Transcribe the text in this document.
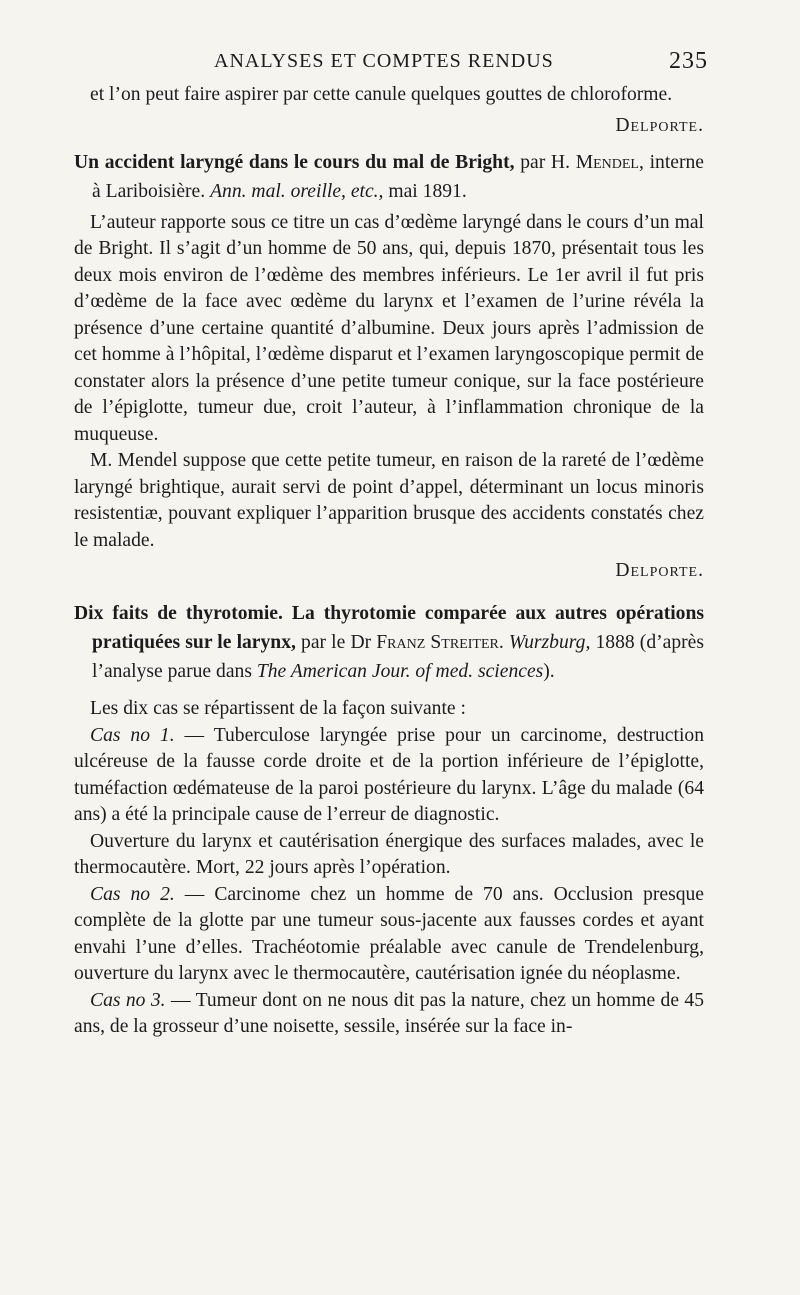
ANALYSES ET COMPTES RENDUS	235

et l’on peut faire aspirer par cette canule quelques gouttes de chloroforme.

Delporte.

Un accident laryngé dans le cours du mal de Bright, par H. Mendel, interne à Lariboisière. Ann. mal. oreille, etc., mai 1891.

L’auteur rapporte sous ce titre un cas d’œdème laryngé dans le cours d’un mal de Bright. Il s’agit d’un homme de 50 ans, qui, depuis 1870, présentait tous les deux mois environ de l’œdème des membres inférieurs. Le 1er avril il fut pris d’œdème de la face avec œdème du larynx et l’examen de l’urine révéla la présence d’une certaine quantité d’albumine. Deux jours après l’admission de cet homme à l’hôpital, l’œdème disparut et l’examen laryngoscopique permit de constater alors la présence d’une petite tumeur conique, sur la face postérieure de l’épiglotte, tumeur due, croit l’auteur, à l’inflammation chronique de la muqueuse.

M. Mendel suppose que cette petite tumeur, en raison de la rareté de l’œdème laryngé brightique, aurait servi de point d’appel, déterminant un locus minoris resistentiæ, pouvant expliquer l’apparition brusque des accidents constatés chez le malade.

Delporte.

Dix faits de thyrotomie. La thyrotomie comparée aux autres opérations pratiquées sur le larynx, par le Dr Franz Streiter. Wurzburg, 1888 (d’après l’analyse parue dans The American Jour. of med. sciences).

Les dix cas se répartissent de la façon suivante :

Cas no 1. — Tuberculose laryngée prise pour un carcinome, destruction ulcéreuse de la fausse corde droite et de la portion inférieure de l’épiglotte, tuméfaction œdémateuse de la paroi postérieure du larynx. L’âge du malade (64 ans) a été la principale cause de l’erreur de diagnostic.

Ouverture du larynx et cautérisation énergique des surfaces malades, avec le thermocautère. Mort, 22 jours après l’opération.

Cas no 2. — Carcinome chez un homme de 70 ans. Occlusion presque complète de la glotte par une tumeur sous-jacente aux fausses cordes et ayant envahi l’une d’elles. Trachéotomie préalable avec canule de Trendelenburg, ouverture du larynx avec le thermocautère, cautérisation ignée du néoplasme.

Cas no 3. — Tumeur dont on ne nous dit pas la nature, chez un homme de 45 ans, de la grosseur d’une noisette, sessile, insérée sur la face in-
